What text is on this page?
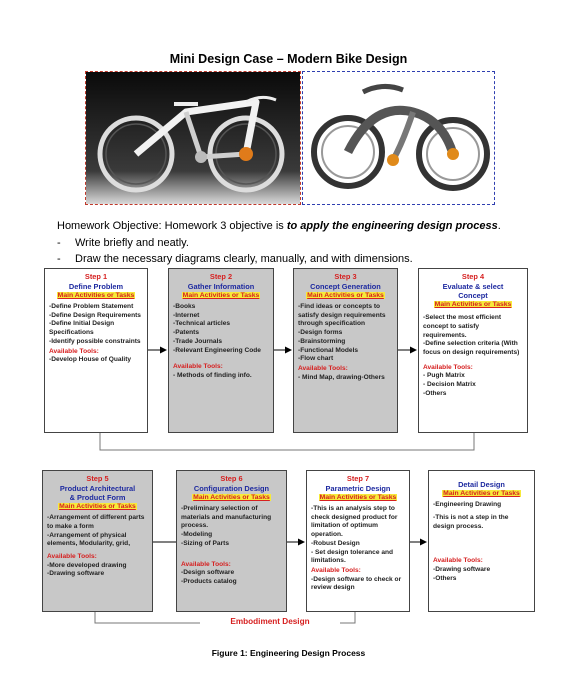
Mini Design Case – Modern Bike Design
Homework Objective: Homework 3 objective is to apply the engineering design process.
- Write briefly and neatly.
- Draw the necessary diagrams clearly, manually, and with dimensions.
Step 1
Define Problem
Main Activities or Tasks
-Define Problem Statement
-Define Design Requirements
-Define Initial Design Specifications
-Identify possible constraints
Available Tools:
-Develop House of Quality
Step 2
Gather Information
Main Activities or Tasks
-Books
-Internet
-Technical articles
-Patents
-Trade Journals
-Relevant Engineering Code
Available Tools:
- Methods of finding info.
Step 3
Concept Generation
Main Activities or Tasks
-Find ideas or concepts to satisfy design requirements through specification
-Design forms
-Brainstorming
-Functional Models
-Flow chart
Available Tools:
- Mind Map, drawing-Others
Step 4
Evaluate & select
Concept
Main Activities or Tasks
-Select the most efficient concept to satisfy requirements.
-Define selection criteria (With focus on design requirements)
Available Tools:
- Pugh Matrix
- Decision Matrix
-Others
Step 5
Product Architectural
& Product Form
Main Activities or Tasks
-Arrangement of different parts to make a form
-Arrangement of physical elements, Modularity, grid,
Available Tools:
-More developed drawing
-Drawing software
Step 6
Configuration Design
Main Activities or Tasks
-Preliminary selection of materials and manufacturing process.
-Modeling
-Sizing of Parts
Available Tools:
-Design software
-Products catalog
Step 7
Parametric Design
Main Activities or Tasks
-This is an analysis step to check designed product for limitation of optimum operation.
-Robust Design
- Set design tolerance and limitations.
Available Tools:
-Design software to check or review design
Detail Design
Main Activities or Tasks
-Engineering Drawing
-This is not a step in the design process.
Available Tools:
-Drawing software
-Others
Embodiment Design
Figure 1: Engineering Design Process
